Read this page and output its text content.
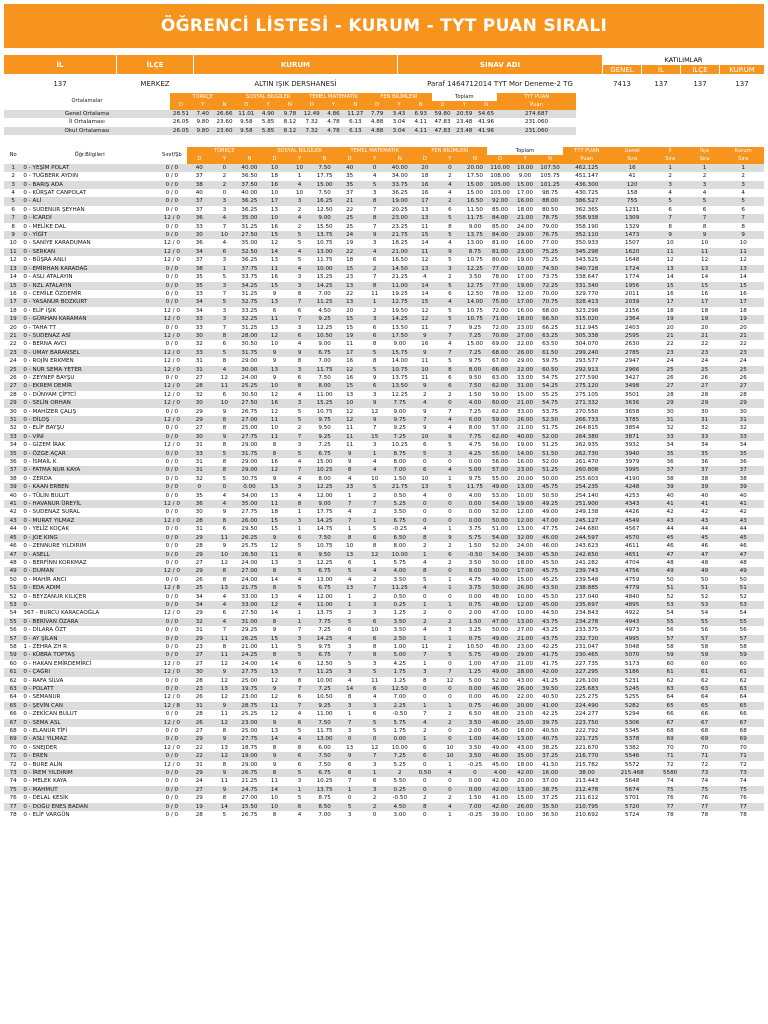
ÖĞRENCİ LİSTESİ - KURUM - TYT PUAN SIRALI
İL	İLÇE	KURUM	SINAV ADI
KATILIMLAR
GENEL	İL	İLÇE	KURUM
137	MERKEZ	ALTIN IŞIK DERSHANESİ	Paraf 1464712014 TYT Mor Deneme-2 TG	7413	137	137	137
Ortalamalar	TÜRKÇE			SOSYAL BİLGİLER			TEMEL MATEMATİK			FEN BİLİMLERİ			Toplam			TYT PUAN
	D	Y	N	D	Y	N	D	Y	N	D	Y	N	D	Y	N	Puan
Genel Ortalama	28.51	7.40	26.66	11.01	4.90	9.78	12.49	4.86	11.27	7.79	3.43	6.93	59.80	20.59	54.65	274.687
İl Ortalaması	26.05	9.80	23.60	9.58	5.85	8.12	7.32	4.78	6.13	4.88	3.04	4.11	47.83	23.48	41.96	231.060
Okul Ortalaması	26.05	9.80	23.60	9.58	5.85	8.12	7.32	4.78	6.13	4.88	3.04	4.11	47.83	23.48	41.96	231.060
No	Öğr.Bilgileri	Sınıf/Şb	TÜRKÇE			SOSYAL BİLGİLER			TEMEL MATEMATİK			FEN BİLİMLERİ			Toplam			TYT PUAN	Genel	İl	İlçe	Kurum
			D	Y	N	D	Y	N	D	Y	N	D	Y	N	D	Y	N	Puan	Sıra	Sıra	Sıra	Sıra
1	0 - YEŞİM POLAT	0 / 0	40	0	40.00	10	10	7.50	40	0	40.00	20	0	20.00	110.00	10.00	107.50	462.125	16	1	1	1
2	0 - TUĞBERK AYDIN	0 / 0	37	2	36.50	18	1	17.75	35	4	34.00	18	2	17.50	108.00	9.00	105.75	451.147	41	2	2	2
3	0 - BARIŞ ADA	0 / 0	38	2	37.50	16	4	15.00	35	5	33.75	16	4	15.00	105.00	15.00	101.25	436.300	120	3	3	3
4	0 - KÜRŞAT CANPOLAT	0 / 0	40	0	40.00	10	10	7.50	37	3	36.25	16	4	15.00	103.00	17.00	98.75	430.725	158	4	4	4
5	0 - ALİ	0 / 0	37	3	36.25	17	3	16.25	21	8	19.00	17	2	16.50	92.00	16.00	88.00	386.527	755	5	5	5
6	0 - SUDENUR ŞEYHAN	0 / 0	37	3	36.25	13	2	12.50	22	7	20.25	13	6	11.50	85.00	18.00	80.50	362.365	1231	6	6	6
7	0 - İCARDİ	12 / 0	36	4	35.00	10	4	9.00	25	8	23.00	13	5	11.75	84.00	21.00	78.75	358.938	1309	7	7	7
8	0 - MELİKE DAL	0 / 0	33	7	31.25	16	2	15.50	25	7	23.25	11	8	9.00	85.00	24.00	79.00	358.190	1329	8	8	8
9	0 - YİĞİT	0 / 0	30	10	27.50	15	5	13.75	24	9	21.75	15	5	13.75	84.00	29.00	76.75	352.110	1473	9	9	9
10	0 - SANİYE KARADUMAN	12 / 0	36	4	35.00	12	5	10.75	19	3	18.25	14	4	13.00	81.00	16.00	77.00	350.933	1507	10	10	10
11	0 - SERKAN	12 / 0	34	6	32.50	14	4	13.00	22	4	21.00	11	9	8.75	81.00	23.00	75.25	345.298	1620	11	11	11
12	0 - BÜŞRA ANLI	12 / 0	37	3	36.25	13	5	11.75	18	6	16.50	12	5	10.75	80.00	19.00	75.25	343.525	1648	12	12	12
13	0 - EMİRHAN KARADAĞ	0 / 0	38	1	37.75	11	4	10.00	15	2	14.50	13	3	12.25	77.00	10.00	74.50	340.728	1724	13	13	13
14	0 - ASLI ATALAYIN	0 / 0	35	5	33.75	16	3	15.25	23	7	21.25	4	2	3.50	78.00	17.00	73.75	338.647	1774	14	14	14
15	0 - NZL ATALAYIN	0 / 0	35	3	34.25	15	3	14.25	13	8	11.00	14	5	12.75	77.00	19.00	72.25	331.340	1956	15	15	15
16	0 - CEMİLE ÖZDEMİR	0 / 0	33	7	31.25	9	8	7.00	22	11	19.25	14	6	12.50	78.00	32.00	70.00	329.770	2011	16	16	16
17	0 - YASANUR BOZKURT	0 / 0	34	5	32.75	13	7	11.25	13	1	12.75	15	4	14.00	75.00	17.00	70.75	328.413	2039	17	17	17
18	0 - ELİF IŞIK	12 / 0	34	3	33.25	6	6	4.50	20	2	19.50	12	5	10.75	72.00	16.00	68.00	323.298	2156	18	18	18
19	0 - GÜRHAN KARAMAN	12 / 0	33	3	32.25	11	7	9.25	15	3	14.25	12	5	10.75	71.00	18.00	66.50	315.020	2364	19	19	19
20	0 - TAHA TT	0 / 0	33	7	31.25	13	3	12.25	15	6	13.50	11	7	9.25	72.00	23.00	66.25	312.945	2403	20	20	20
21	0 - SUDENAZ ASİ	12 / 0	30	8	28.00	12	6	10.50	19	6	17.50	9	7	7.25	70.00	27.00	63.25	305.338	2595	21	21	21
22	0 - BERNA AVCI	0 / 0	32	6	30.50	10	4	9.00	11	8	9.00	16	4	15.00	69.00	22.00	63.50	304.070	2630	22	22	22
23	0 - UMAY BARANSEL	12 / 0	33	5	31.75	9	9	6.75	17	5	15.75	9	7	7.25	68.00	26.00	61.50	299.240	2785	23	23	23
24	0 - ROJİN ERKMEN	12 / 0	31	8	29.00	9	8	7.00	16	8	14.00	11	5	9.75	67.00	29.00	59.75	293.577	2947	24	24	24
25	0 - NUR SEMA YETER	12 / 0	31	4	30.00	13	3	11.75	12	5	10.75	10	8	8.00	66.00	22.00	60.50	292.913	2966	25	25	25
26	0 - ZEYNEP BAYŞU	0 / 0	27	12	24.00	9	6	7.50	16	9	13.75	11	6	9.50	63.00	33.00	54.75	277.590	3427	26	26	26
27	0 - EKREM DEMİR	12 / 0	28	11	25.25	10	8	8.00	15	6	13.50	9	6	7.50	62.00	31.00	54.25	275.120	3498	27	27	27
28	0 - DÜNYAM ÇİFTCİ	12 / 0	32	6	30.50	12	4	11.00	13	3	12.25	2	2	1.50	59.00	15.00	55.25	275.105	3501	28	28	28
29	0 - SELİN ORHAN	12 / 0	30	10	27.50	16	3	15.25	10	9	7.75	4	0	4.00	60.00	21.00	54.75	271.332	3636	29	29	29
30	0 - MAHİZER ÇALIŞ	0 / 0	29	9	26.75	12	5	10.75	12	12	9.00	9	7	7.25	62.00	33.00	53.75	270.550	3658	30	30	30
31	0 - DİLOŞ	12 / 0	29	8	27.00	11	5	9.75	12	9	9.75	7	4	6.00	59.00	26.00	52.50	266.733	3785	31	31	31
32	0 - ELİF BAYŞU	0 / 0	27	8	25.00	10	2	9.50	11	7	9.25	9	4	8.00	57.00	21.00	51.75	264.815	3854	32	32	32
33	0 - VİNİ	0 / 0	30	9	27.75	11	7	9.25	11	15	7.25	10	9	7.75	62.00	40.00	52.00	264.380	3871	33	33	33
34	0 - GİZEM İRAK	12 / 0	31	8	29.00	8	3	7.25	11	3	10.25	6	5	4.75	56.00	19.00	51.25	262.935	3932	34	34	34
35	0 - ÖZGE AÇAR	0 / 0	33	5	31.75	8	5	6.75	9	1	8.75	5	3	4.25	55.00	14.00	51.50	262.730	3940	35	35	35
36	0 - İSMAİL K	0 / 0	31	8	29.00	16	4	15.00	9	4	8.00	0	0	0.00	56.00	16.00	52.00	261.470	3979	36	36	36
37	0 - FATMA NUR KAYA	0 / 0	31	8	29.00	12	7	10.25	8	4	7.00	6	4	5.00	57.00	23.00	51.25	260.808	3995	37	37	37
38	0 - ZERDA	0 / 0	32	5	30.75	9	4	8.00	4	10	1.50	10	1	9.75	55.00	20.00	50.00	255.603	4190	38	38	38
39	0 - KAAN ERBEN	0 / 0	0	0	0.00	13	3	12.25	23	5	21.75	13	5	11.75	49.00	13.00	45.75	254.235	4248	39	39	39
40	0 - TÜLİN BULUT	0 / 0	35	4	34.00	13	4	12.00	1	2	0.50	4	0	4.00	53.00	10.00	50.50	254.140	4253	40	40	40
41	0 - HAVANUR ÜREYİL	12 / 0	36	4	35.00	11	8	9.00	7	7	5.25	0	0	0.00	54.00	19.00	49.25	251.900	4343	41	41	41
42	0 - SUDENAZ SURAL	0 / 0	30	9	27.75	18	1	17.75	4	2	3.50	0	0	0.00	52.00	12.00	49.00	249.138	4426	42	42	42
43	0 - MURAT YILMAZ	12 / 0	28	8	26.00	15	3	14.25	7	1	6.75	0	0	0.00	50.00	12.00	47.00	245.127	4549	43	43	43
44	0 - YELİZ KOÇAK	0 / 0	31	6	29.50	15	1	14.75	1	5	-0.25	4	1	3.75	51.00	13.00	47.75	244.680	4567	44	44	44
45	0 - JOE KING	0 / 0	29	11	26.25	9	6	7.50	8	6	6.50	8	9	5.75	54.00	32.00	46.00	244.597	4570	45	45	45
46	0 - ZENNURE YILDIRIM	0 / 0	28	9	25.75	12	5	10.75	10	8	8.00	2	2	1.50	52.00	24.00	46.00	243.623	4611	46	46	46
47	0 - ASELL	0 / 0	29	10	26.50	11	6	9.50	13	12	10.00	1	6	-0.50	54.00	34.00	45.50	242.650	4651	47	47	47
48	0 - BERFİNN KORKMAZ	0 / 0	27	12	24.00	13	3	12.25	6	1	5.75	4	2	3.50	50.00	18.00	45.50	241.282	4704	48	48	48
49	0 - DUMAN	12 / 0	29	8	27.00	8	5	6.75	5	4	4.00	8	0	8.00	50.00	17.00	45.75	239.743	4756	49	49	49
50	0 - MAHİR ANCI	0 / 0	26	8	24.00	14	4	13.00	4	2	3.50	5	1	4.75	49.00	15.00	45.25	239.548	4759	50	50	50
51	0 - EDA ADIM	12 / 8	25	13	21.75	8	5	6.75	13	7	11.25	4	1	3.75	50.00	26.00	43.50	238.885	4779	51	51	51
52	0 - BEYZANUR KILIÇER	0 / 0	34	4	33.00	13	4	12.00	1	2	0.50	0	0	0.00	48.00	10.00	45.50	237.040	4840	52	52	52
53	0 -	0 / 0	34	4	33.00	12	4	11.00	1	3	0.25	1	1	0.75	48.00	12.00	45.00	235.697	4895	53	53	53
54	367 - BURCU KARACAOĞLA	12 / 0	29	6	27.50	14	1	13.75	2	3	1.25	2	0	2.00	47.00	10.00	44.50	234.843	4922	54	54	54
55	0 - BERİVAN ÖZARA	0 / 0	32	4	31.00	8	1	7.75	5	6	3.50	2	2	1.50	47.00	13.00	43.75	234.278	4943	55	55	55
56	0 - DİLARA ÖZT	0 / 0	31	7	29.25	9	7	7.25	6	10	3.50	4	3	3.25	50.00	27.00	43.25	233.375	4973	56	56	56
57	0 - AY ŞİLAN	0 / 0	29	11	26.25	15	3	14.25	4	6	2.50	1	1	0.75	49.00	21.00	43.75	232.720	4995	57	57	57
58	1 - ZEHRA ZH R	0 / 0	23	8	21.00	11	5	9.75	3	8	1.00	11	2	10.50	48.00	23.00	42.25	231.047	5048	58	58	58
59	0 - KÜBRA TOPTAŞ	0 / 0	27	11	24.25	8	5	6.75	7	8	5.00	7	5	5.75	49.00	29.00	41.75	230.465	5070	59	59	59
60	0 - HAKAN EMİRDEMİRCİ	12 / 0	27	12	24.00	14	6	12.50	5	3	4.25	1	0	1.00	47.00	21.00	41.75	227.735	5173	60	60	60
61	0 - ÇAĞRI	12 / 0	30	9	27.75	13	7	11.25	3	5	1.75	3	7	1.25	49.00	28.00	42.00	227.295	5186	61	61	61
62	0 - RAFA SİLVA	0 / 0	28	12	25.00	12	8	10.00	4	11	1.25	8	12	5.00	52.00	43.00	41.25	226.100	5231	62	62	62
63	0 - POLATT	0 / 0	23	13	19.75	9	7	7.25	14	6	12.50	0	0	0.00	46.00	26.00	39.50	225.683	5245	63	63	63
64	0 - SEMANUR	12 / 0	26	12	23.00	12	6	10.50	8	4	7.00	0	0	0.00	46.00	22.00	40.50	225.275	5255	64	64	64
65	0 - ŞEVİN CAN	12 / 8	31	9	28.75	11	7	9.25	3	3	2.25	1	1	0.75	46.00	20.00	41.00	224.490	5282	65	65	65
66	0 - ZEKİCAN BULUT	0 / 0	28	11	25.25	12	4	11.00	1	6	-0.50	7	2	6.50	48.00	23.00	42.25	224.277	5294	66	66	66
67	0 - SEMA ASL	12 / 0	26	12	23.00	9	6	7.50	7	5	5.75	4	2	3.50	46.00	25.00	39.75	223.750	5306	67	67	67
68	0 - ELANUR TİFİ	0 / 0	27	8	25.00	13	5	11.75	3	5	1.75	2	0	2.00	45.00	18.00	40.50	222.792	5345	68	68	68
69	0 - ASLI YILMAZ	0 / 0	29	9	27.75	14	4	13.00	0	0	0.00	1	0	1.00	44.00	13.00	40.75	221.725	5378	69	69	69
70	0 - SNEJDER	12 / 0	22	13	18.75	8	8	6.00	13	12	10.00	6	10	3.50	49.00	43.00	38.25	221.670	5382	70	70	70
71	0 - EREN	0 / 0	22	12	19.00	9	6	7.50	9	7	7.25	6	10	3.50	46.00	35.00	37.25	216.770	5546	71	71	71
72	0 - BURE ALİN	12 / 0	31	8	29.00	9	6	7.50	6	3	5.25	0	1	-0.25	45.00	18.00	41.50	215.782	5572	72	72	72
73	0 - İREM YILDIRIM	0 / 0	29	9	26.75	8	5	6.75	6	1	2	0.50	4	0	4.00	42.00	16.00	38.00	215.468	5580	73	73
74	0 - MELEK KAYA	0 / 0	24	11	21.25	11	3	10.25	7	6	5.50	0	0	0.00	42.00	20.00	37.00	213.443	5648	74	74	74
75	0 - MAHMUT	0 / 0	27	9	24.75	14	1	13.75	1	3	0.25	0	0	0.00	42.00	13.00	38.75	212.478	5674	75	75	75
76	0 - DELAL KESİK	0 / 0	29	8	27.00	10	5	8.75	0	2	-0.50	2	2	1.50	41.00	15.00	37.25	211.612	5701	76	76	76
77	0 - DOĞU ENES BADAN	0 / 0	19	14	15.50	10	6	8.50	5	2	4.50	8	4	7.00	42.00	26.00	35.50	210.795	5720	77	77	77
78	0 - ELİF VARGÜN	0 / 0	28	5	26.75	8	4	7.00	3	0	3.00	0	1	-0.25	39.00	10.00	36.50	210.692	5724	78	78	78
